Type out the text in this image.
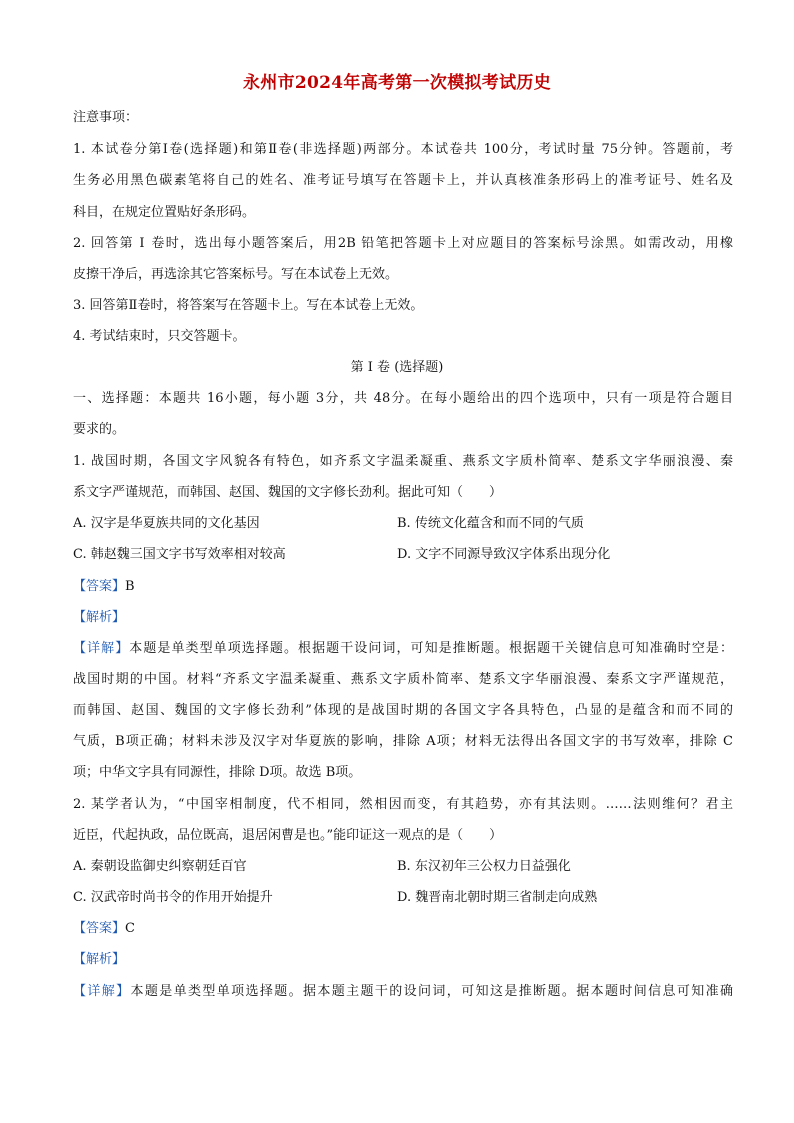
永州市2024年高考第一次模拟考试历史
注意事项：
1. 本试卷分第Ⅰ卷(选择题)和第Ⅱ卷(非选择题)两部分。本试卷共 100分，考试时量 75分钟。答题前，考
生务必用黑色碳素笔将自己的姓名、准考证号填写在答题卡上，并认真核准条形码上的准考证号、姓名及
科目，在规定位置贴好条形码。
2. 回答第 Ⅰ 卷时，选出每小题答案后，用2B 铅笔把答题卡上对应题目的答案标号涂黑。如需改动，用橡
皮擦干净后，再选涂其它答案标号。写在本试卷上无效。
3. 回答第Ⅱ卷时，将答案写在答题卡上。写在本试卷上无效。
4. 考试结束时，只交答题卡。
第 Ⅰ 卷 (选择题)
一、选择题：本题共 16小题，每小题 3分，共 48分。在每小题给出的四个选项中，只有一项是符合题目
要求的。
1. 战国时期，各国文字风貌各有特色，如齐系文字温柔凝重、燕系文字质朴简率、楚系文字华丽浪漫、秦
系文字严谨规范，而韩国、赵国、魏国的文字修长劲利。据此可知（　　）
A. 汉字是华夏族共同的文化基因	B. 传统文化蕴含和而不同的气质
C. 韩赵魏三国文字书写效率相对较高	D. 文字不同源导致汉字体系出现分化
【答案】B
【解析】
【详解】本题是单类型单项选择题。根据题干设问词，可知是推断题。根据题干关键信息可知准确时空是：
战国时期的中国。材料“齐系文字温柔凝重、燕系文字质朴简率、楚系文字华丽浪漫、秦系文字严谨规范，
而韩国、赵国、魏国的文字修长劲利”体现的是战国时期的各国文字各具特色，凸显的是蕴含和而不同的
气质，B项正确；材料未涉及汉字对华夏族的影响，排除 A项；材料无法得出各国文字的书写效率，排除 C
项；中华文字具有同源性，排除 D项。故选 B项。
2. 某学者认为，“中国宰相制度，代不相同，然相因而变，有其趋势，亦有其法则。……法则维何？君主
近臣，代起执政，品位既高，退居闲曹是也。”能印证这一观点的是（　　）
A. 秦朝设监御史纠察朝廷百官	B. 东汉初年三公权力日益强化
C. 汉武帝时尚书令的作用开始提升	D. 魏晋南北朝时期三省制走向成熟
【答案】C
【解析】
【详解】本题是单类型单项选择题。据本题主题干的设问词，可知这是推断题。据本题时间信息可知准确
